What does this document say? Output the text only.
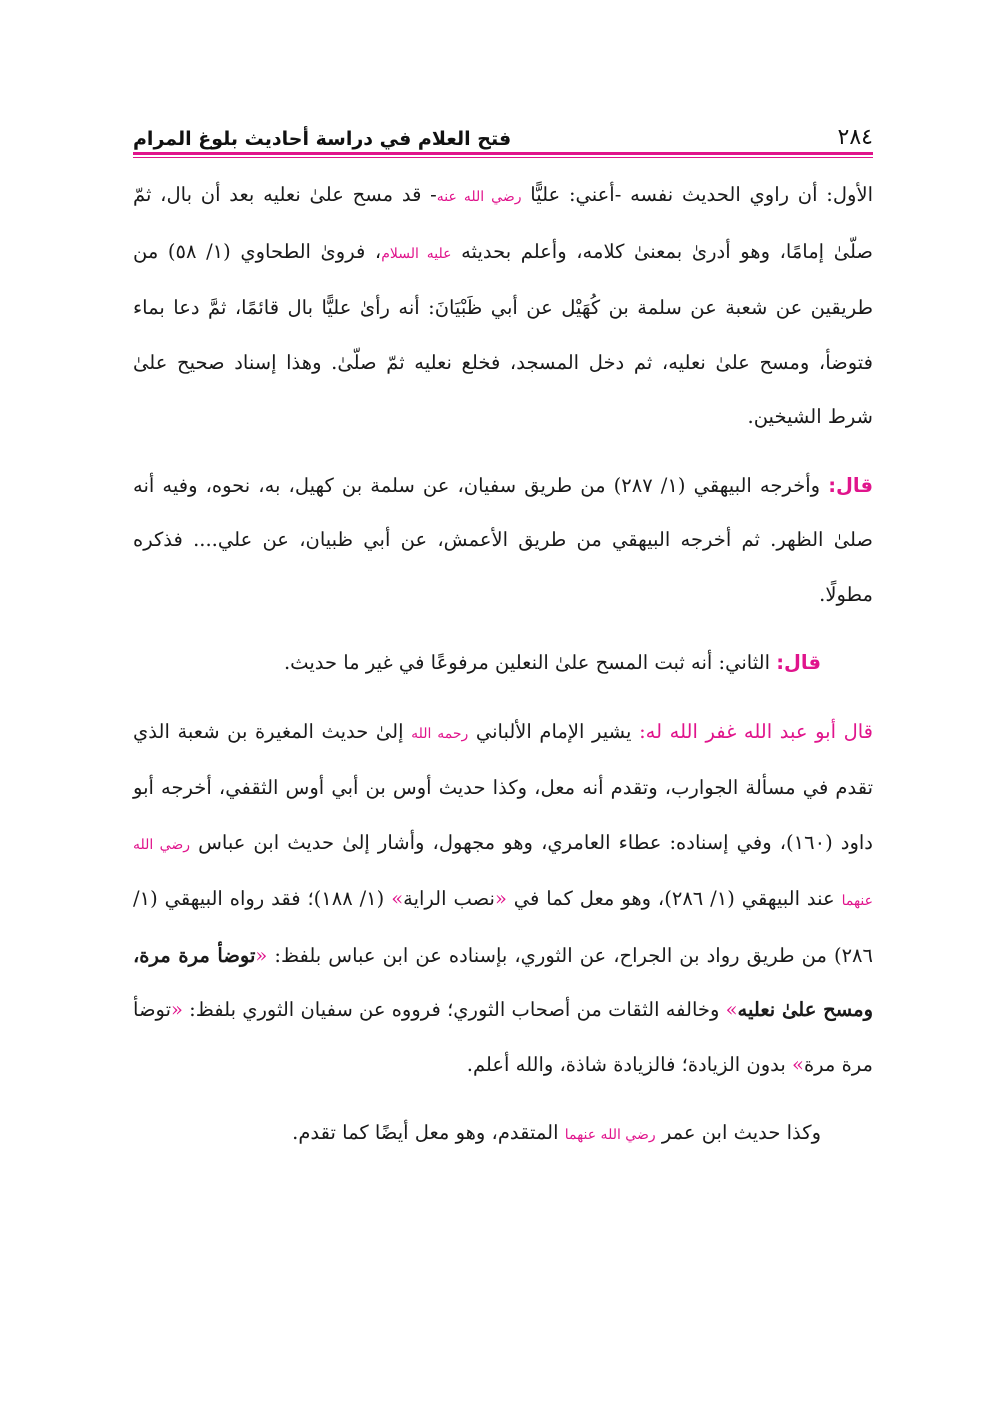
٢٨٤
فتح العلام في دراسة أحاديث بلوغ المرام

الأول: أن راوي الحديث نفسه -أعني: عليًّا رضي الله عنه- قد مسح علىٰ نعليه بعد أن بال، ثمّ صلّىٰ إمامًا، وهو أدرىٰ بمعنىٰ كلامه، وأعلم بحديثه عليه السلام، فروىٰ الطحاوي (١/ ٥٨) من طريقين عن شعبة عن سلمة بن كُهَيْل عن أبي ظَبْيَانَ: أنه رأىٰ عليًّا بال قائمًا، ثمَّ دعا بماء فتوضأ، ومسح علىٰ نعليه، ثم دخل المسجد، فخلع نعليه ثمّ صلّىٰ. وهذا إسناد صحيح علىٰ شرط الشيخين.

قال: وأخرجه البيهقي (١/ ٢٨٧) من طريق سفيان، عن سلمة بن كهيل، به، نحوه، وفيه أنه صلىٰ الظهر. ثم أخرجه البيهقي من طريق الأعمش، عن أبي ظبيان، عن علي.... فذكره مطولًا.

قال: الثاني: أنه ثبت المسح علىٰ النعلين مرفوعًا في غير ما حديث.

قال أبو عبد الله غفر الله له: يشير الإمام الألباني رحمه الله إلىٰ حديث المغيرة بن شعبة الذي تقدم في مسألة الجوارب، وتقدم أنه معل، وكذا حديث أوس بن أبي أوس الثقفي، أخرجه أبو داود (١٦٠)، وفي إسناده: عطاء العامري، وهو مجهول، وأشار إلىٰ حديث ابن عباس رضي الله عنهما عند البيهقي (١/ ٢٨٦)، وهو معل كما في «نصب الراية» (١/ ١٨٨)؛ فقد رواه البيهقي (١/ ٢٨٦) من طريق رواد بن الجراح، عن الثوري، بإسناده عن ابن عباس بلفظ: «توضأ مرة مرة، ومسح علىٰ نعليه» وخالفه الثقات من أصحاب الثوري؛ فرووه عن سفيان الثوري بلفظ: «توضأ مرة مرة» بدون الزيادة؛ فالزيادة شاذة، والله أعلم.

وكذا حديث ابن عمر رضي الله عنهما المتقدم، وهو معل أيضًا كما تقدم.
